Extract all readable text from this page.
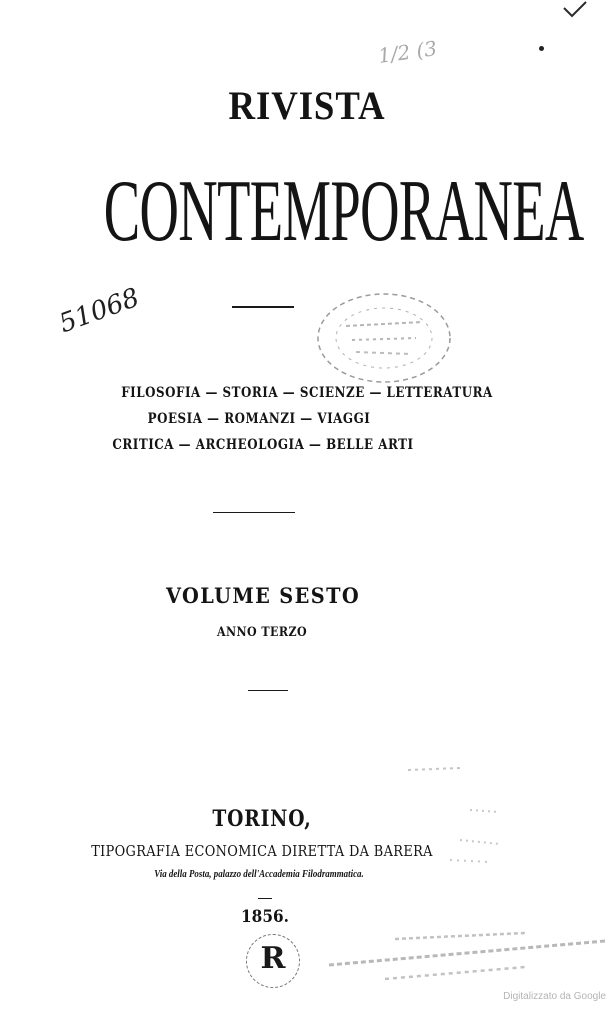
RIVISTA
CONTEMPORANEA
51068
1/2 (3
FILOSOFIA — STORIA — SCIENZE — LETTERATURA
POESIA — ROMANZI — VIAGGI
CRITICA — ARCHEOLOGIA — BELLE ARTI
VOLUME SESTO
ANNO TERZO
TORINO,
TIPOGRAFIA ECONOMICA DIRETTA DA BARERA
Via della Posta, palazzo dell'Accademia Filodrammatica.
1856.
R
Digitalizzato da Google
